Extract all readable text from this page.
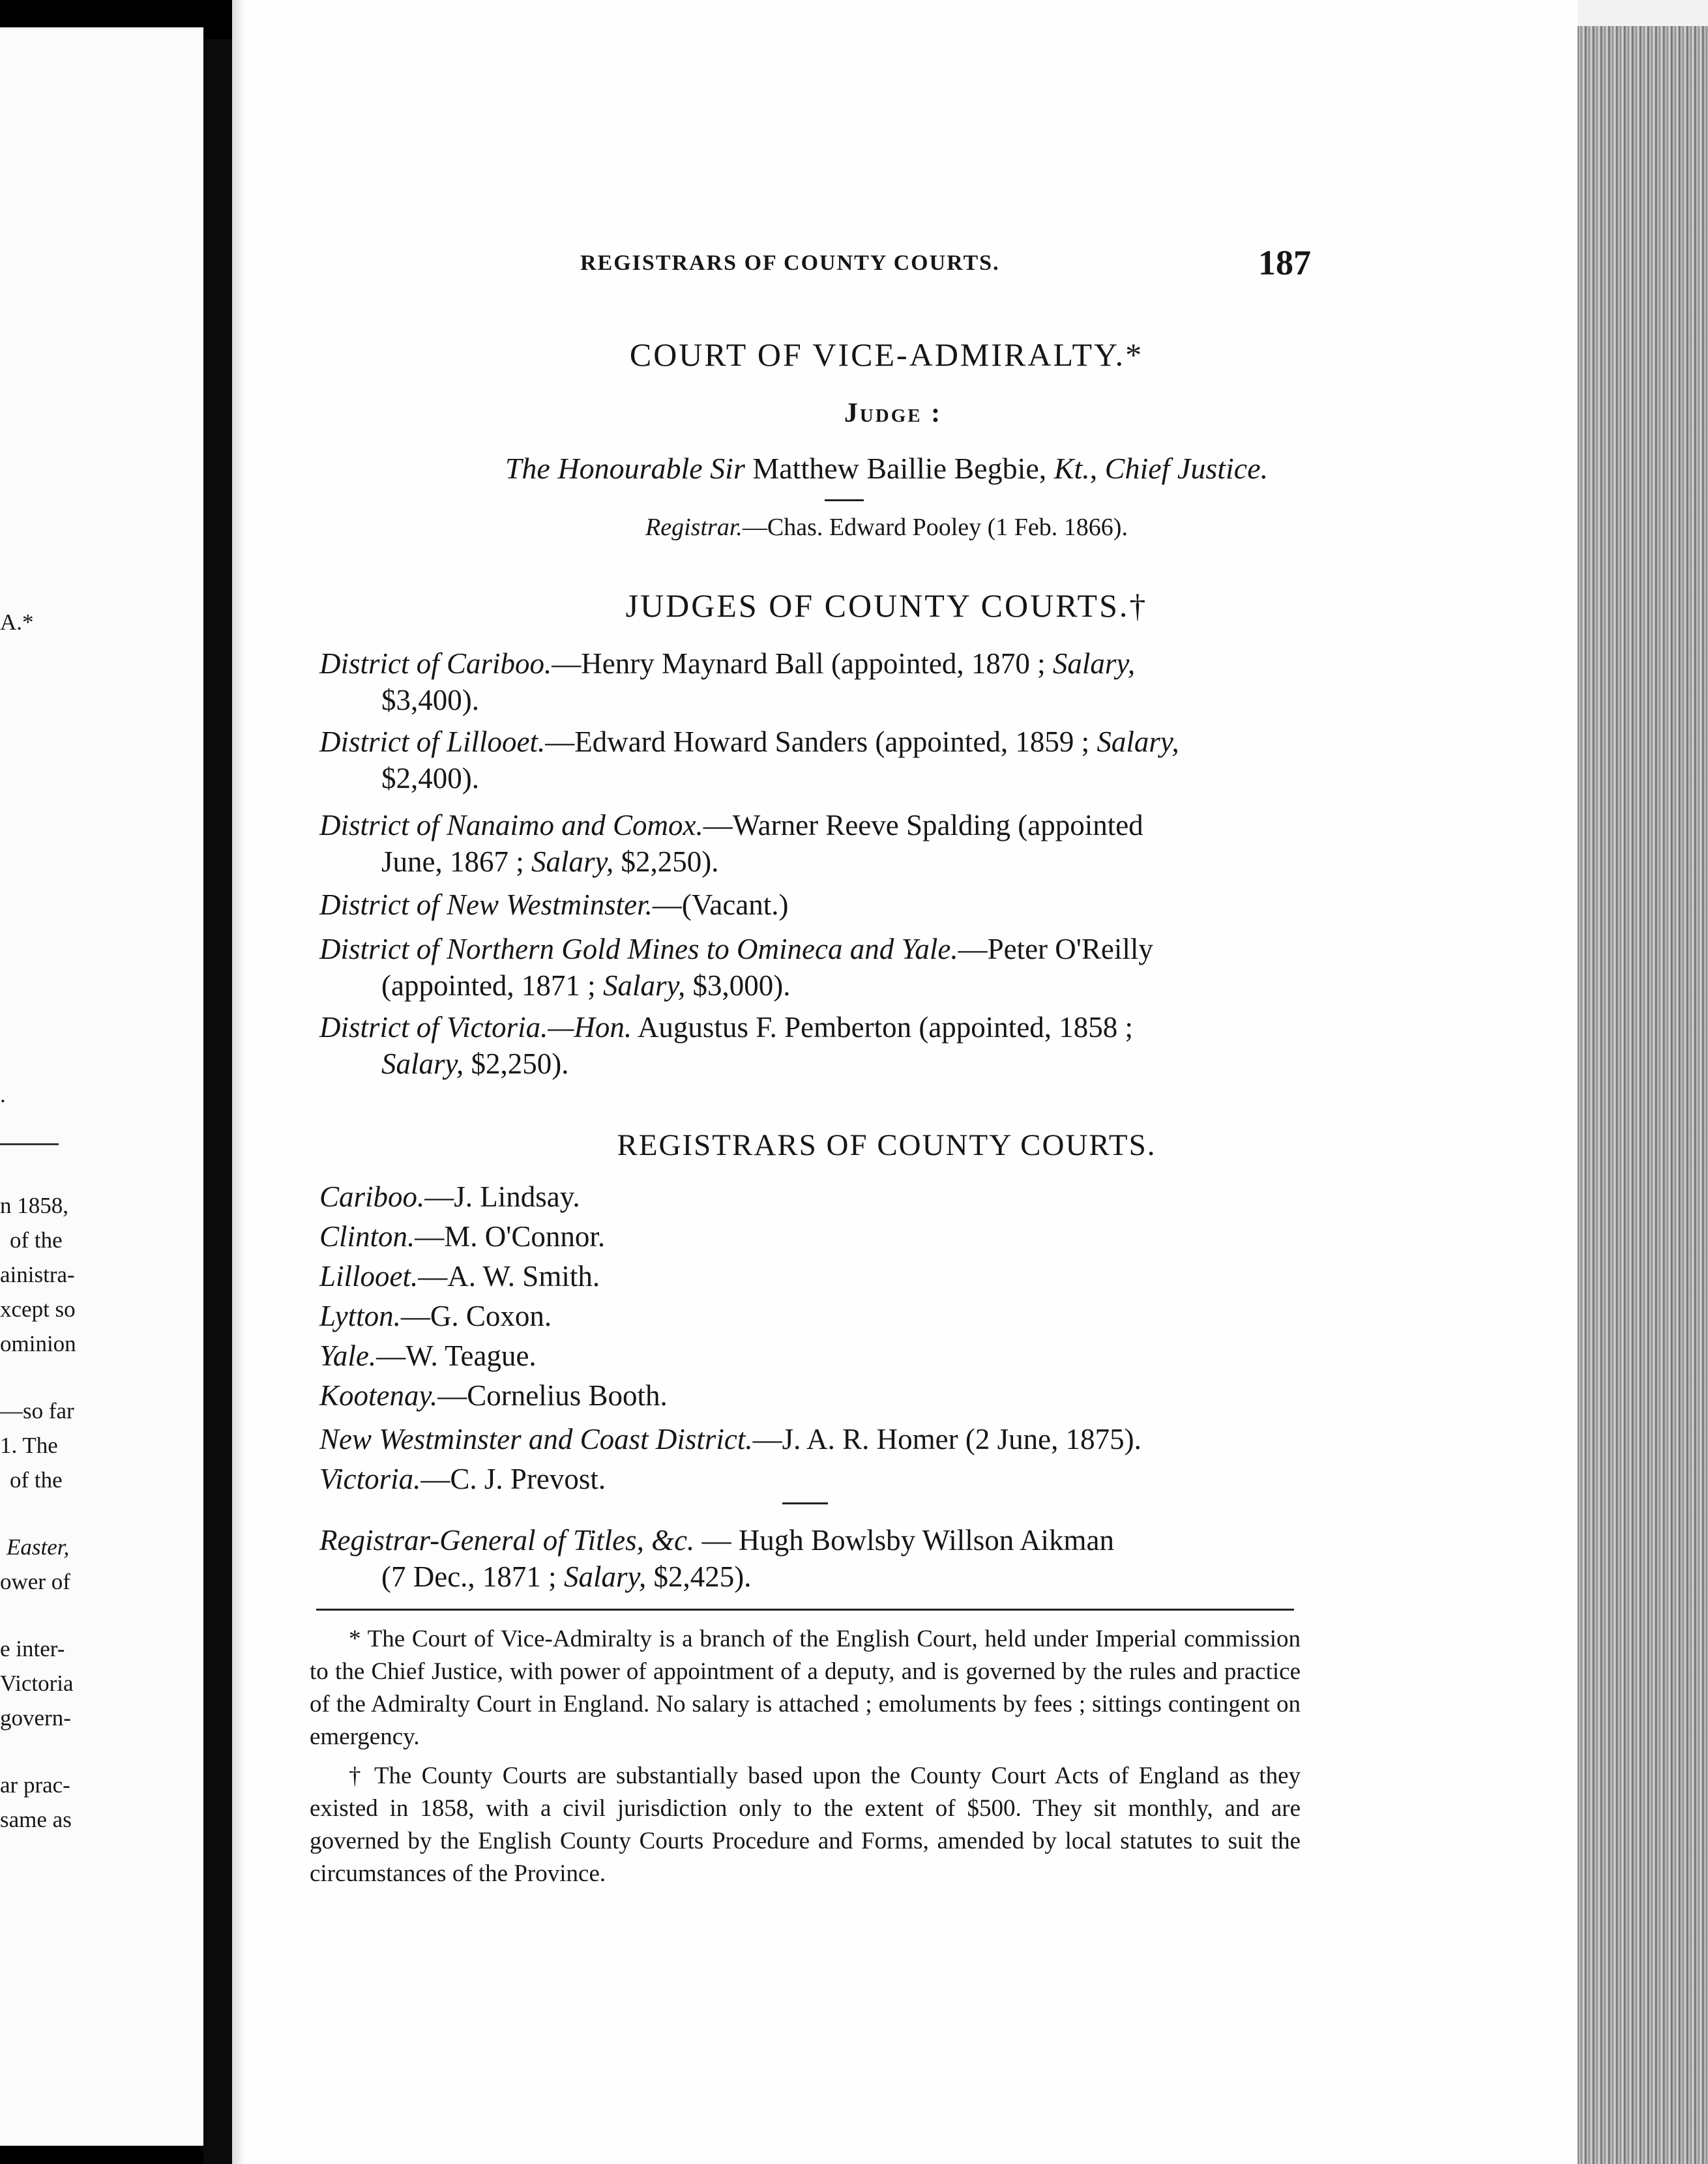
A.*
.
n 1858,
of the
ainistra-
xcept so
ominion
—so far
1. The
of the
Easter,
ower of
e inter-
Victoria
govern-
ar prac-
same as
REGISTRARS OF COUNTY COURTS.	187
COURT OF VICE-ADMIRALTY.*
Judge :
The Honourable Sir Matthew Baillie Begbie, Kt., Chief Justice.
Registrar.—Chas. Edward Pooley (1 Feb. 1866).
JUDGES OF COUNTY COURTS.†
District of Cariboo.—Henry Maynard Ball (appointed, 1870 ; Salary,
$3,400).
District of Lillooet.—Edward Howard Sanders (appointed, 1859 ; Salary,
$2,400).
District of Nanaimo and Comox.—Warner Reeve Spalding (appointed
June, 1867 ; Salary, $2,250).
District of New Westminster.—(Vacant.)
District of Northern Gold Mines to Omineca and Yale.—Peter O'Reilly
(appointed, 1871 ; Salary, $3,000).
District of Victoria.—Hon. Augustus F. Pemberton (appointed, 1858 ;
Salary, $2,250).
REGISTRARS OF COUNTY COURTS.
Cariboo.—J. Lindsay.
Clinton.—M. O'Connor.
Lillooet.—A. W. Smith.
Lytton.—G. Coxon.
Yale.—W. Teague.
Kootenay.—Cornelius Booth.
New Westminster and Coast District.—J. A. R. Homer (2 June, 1875).
Victoria.—C. J. Prevost.
Registrar-General of Titles, &c. — Hugh Bowlsby Willson Aikman
(7 Dec., 1871 ; Salary, $2,425).
* The Court of Vice-Admiralty is a branch of the English Court, held under Imperial commission to the Chief Justice, with power of appointment of a deputy, and is governed by the rules and practice of the Admiralty Court in England. No salary is attached ; emoluments by fees ; sittings contingent on emergency.
† The County Courts are substantially based upon the County Court Acts of England as they existed in 1858, with a civil jurisdiction only to the extent of $500. They sit monthly, and are governed by the English County Courts Procedure and Forms, amended by local statutes to suit the circumstances of the Province.
